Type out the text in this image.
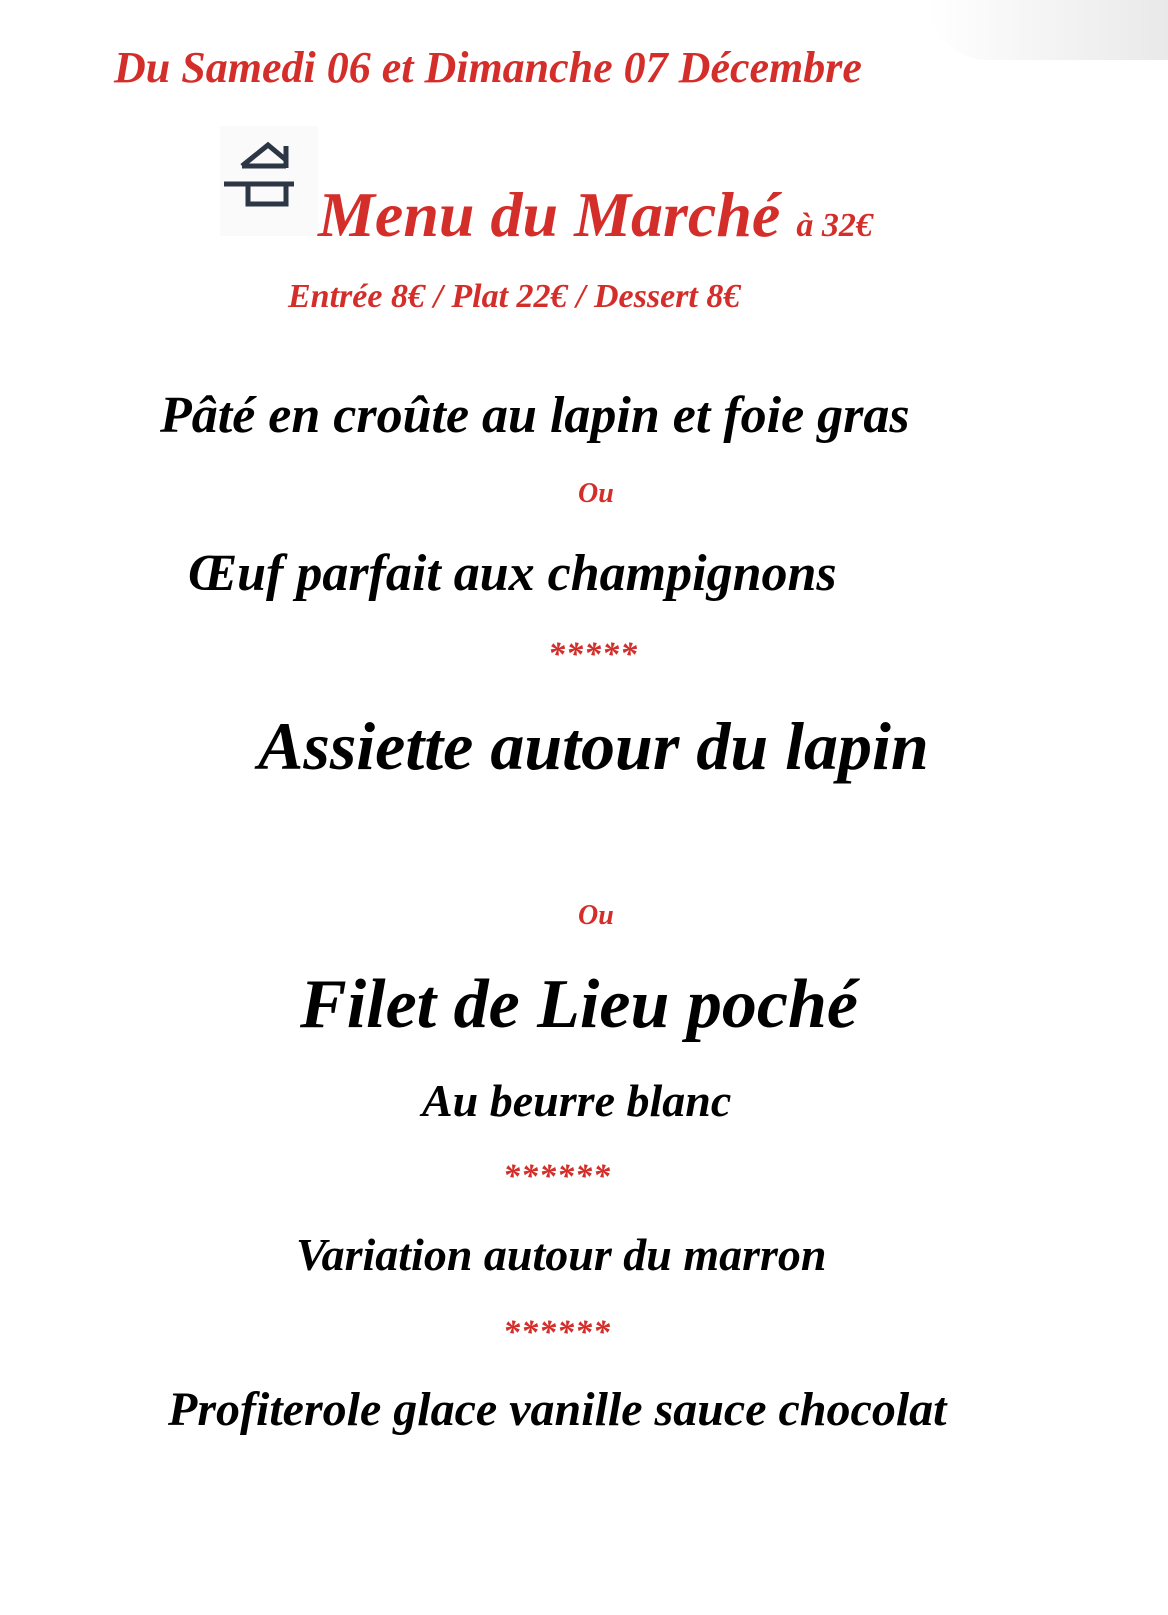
Du Samedi 06 et Dimanche 07 Décembre
Menu du Marché à 32€
Entrée 8€ / Plat 22€ / Dessert 8€
Pâté en croûte au lapin et foie gras
Ou
Œuf parfait aux champignons
*****
Assiette autour du lapin
Ou
Filet de Lieu poché
Au beurre blanc
******
Variation autour du marron
******
Profiterole glace vanille sauce chocolat
